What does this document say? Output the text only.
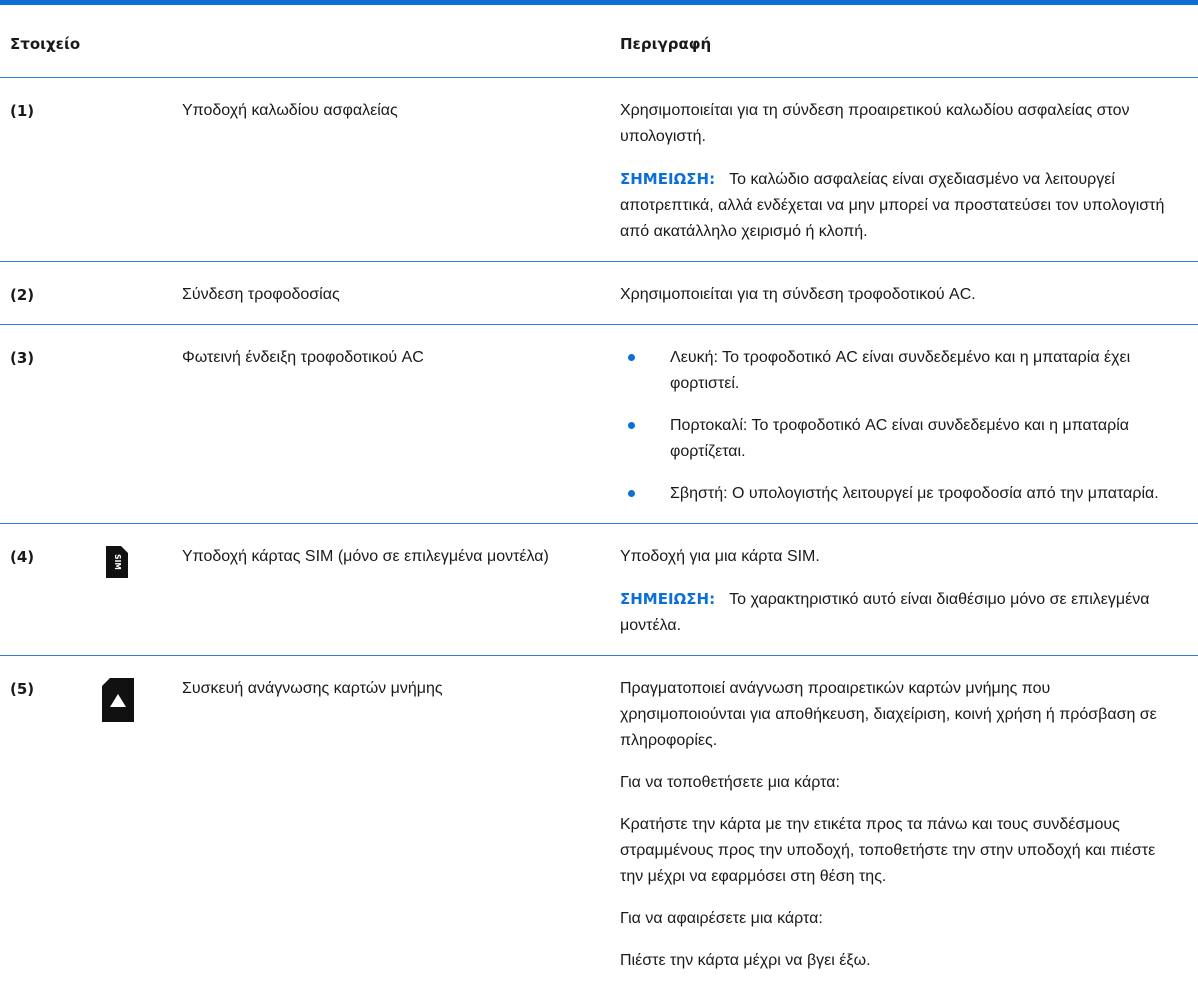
Στοιχείο	Περιγραφή
(1)	Υποδοχή καλωδίου ασφαλείας	Χρησιμοποιείται για τη σύνδεση προαιρετικού καλωδίου ασφαλείας στον υπολογιστή.

ΣΗΜΕΙΩΣΗ: Το καλώδιο ασφαλείας είναι σχεδιασμένο να λειτουργεί αποτρεπτικά, αλλά ενδέχεται να μην μπορεί να προστατεύσει τον υπολογιστή από ακατάλληλο χειρισμό ή κλοπή.

(2)	Σύνδεση τροφοδοσίας	Χρησιμοποιείται για τη σύνδεση τροφοδοτικού AC.

(3)	Φωτεινή ένδειξη τροφοδοτικού AC	Λευκή: Το τροφοδοτικό AC είναι συνδεδεμένο και η μπαταρία έχει φορτιστεί.
Πορτοκαλί: Το τροφοδοτικό AC είναι συνδεδεμένο και η μπαταρία φορτίζεται.
Σβηστή: Ο υπολογιστής λειτουργεί με τροφοδοσία από την μπαταρία.
(4)	SIM	Υποδοχή κάρτας SIM (μόνο σε επιλεγμένα μοντέλα)	Υποδοχή για μια κάρτα SIM.

ΣΗΜΕΙΩΣΗ: Το χαρακτηριστικό αυτό είναι διαθέσιμο μόνο σε επιλεγμένα μοντέλα.

(5)	Συσκευή ανάγνωσης καρτών μνήμης	Πραγματοποιεί ανάγνωση προαιρετικών καρτών μνήμης που χρησιμοποιούνται για αποθήκευση, διαχείριση, κοινή χρήση ή πρόσβαση σε πληροφορίες.

Για να τοποθετήσετε μια κάρτα:

Κρατήστε την κάρτα με την ετικέτα προς τα πάνω και τους συνδέσμους στραμμένους προς την υποδοχή, τοποθετήστε την στην υποδοχή και πιέστε την μέχρι να εφαρμόσει στη θέση της.

Για να αφαιρέσετε μια κάρτα:

Πιέστε την κάρτα μέχρι να βγει έξω.
